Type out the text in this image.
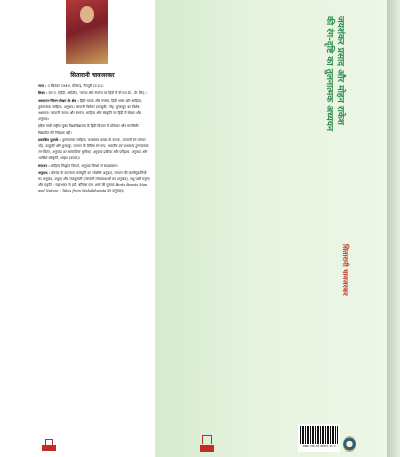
सितारानी चावजरकर

जन्म : 3 सितंबर 1949, फ़ीरगढ़, मैनपुरी (उ.प्र.)।

शिक्षा : एम.ए. (हिंदी, अंग्रेज़ी), 'नाटक और रंगमंच पर हिंदी में पी-एच.डी., डी. लिट्.।

अध्यापन-चिंतन-लेखन के क्षेत्र : हिंदी नाटक और रंगमंच, हिंदी भाषा और साहित्य, तुलनात्मक साहित्य, अनुवाद। जापानी थियेटर (काबुकी, नोह, बुनराकु) का विशेष अध्ययन। जापानी नाटक और रंगमंच, साहित्य और संस्कृति पर हिंदी में लेखन और अनुवाद।

इंदिरा गांधी राष्ट्रीय मुक्त विश्वविद्यालय के हिंदी विभाग में प्रोफेसर और मानविकी विद्यापीठ की निदेशक रहीं।

प्रकाशित पुस्तकें : तुलनात्मक साहित्य, जयशंकर प्रसाद के नाटक, जापानी रंग-परंपरा : नोह, काबुकी और बुनराकु, जापान के विविध रंग-रूप, भारतीय एवं पाश्चात्य तुलनात्मक रंग-चिंतन, अनुवाद का सामाजिक भूमिका, अनुवाद प्रक्रिया और परिदृश्य, अनुवाद और भाषिक संस्कृति, आहार (काव्य)।

संपादन : साहित्य सिद्धांत विमर्श, अनुवाद विमर्श सं साक्षात्कार।

अनुवाद : प्रेमचंद के उपन्यास कर्मभूमि का जोशीसे अनुवाद, जापान की कम्पोंगुकलियों का अनुवाद, प्रभुता और राजकुमारी (जापानी लोककथाओं का अनुवाद), पशु पक्षी मनुष्य और प्रकृति : महाभारत से (डॉ. बलिका एस. शर्मा की पुस्तक Birds Beasts Man and Nature : Tales from Mahabharata का अनुवाद)।

जयशंकर प्रसाद और मोहन राकेश
की रंग-दृष्टि का तुलनात्मक अध्ययन
सितारानी चावजरकर
ISBN 978-93-89373-13-3
